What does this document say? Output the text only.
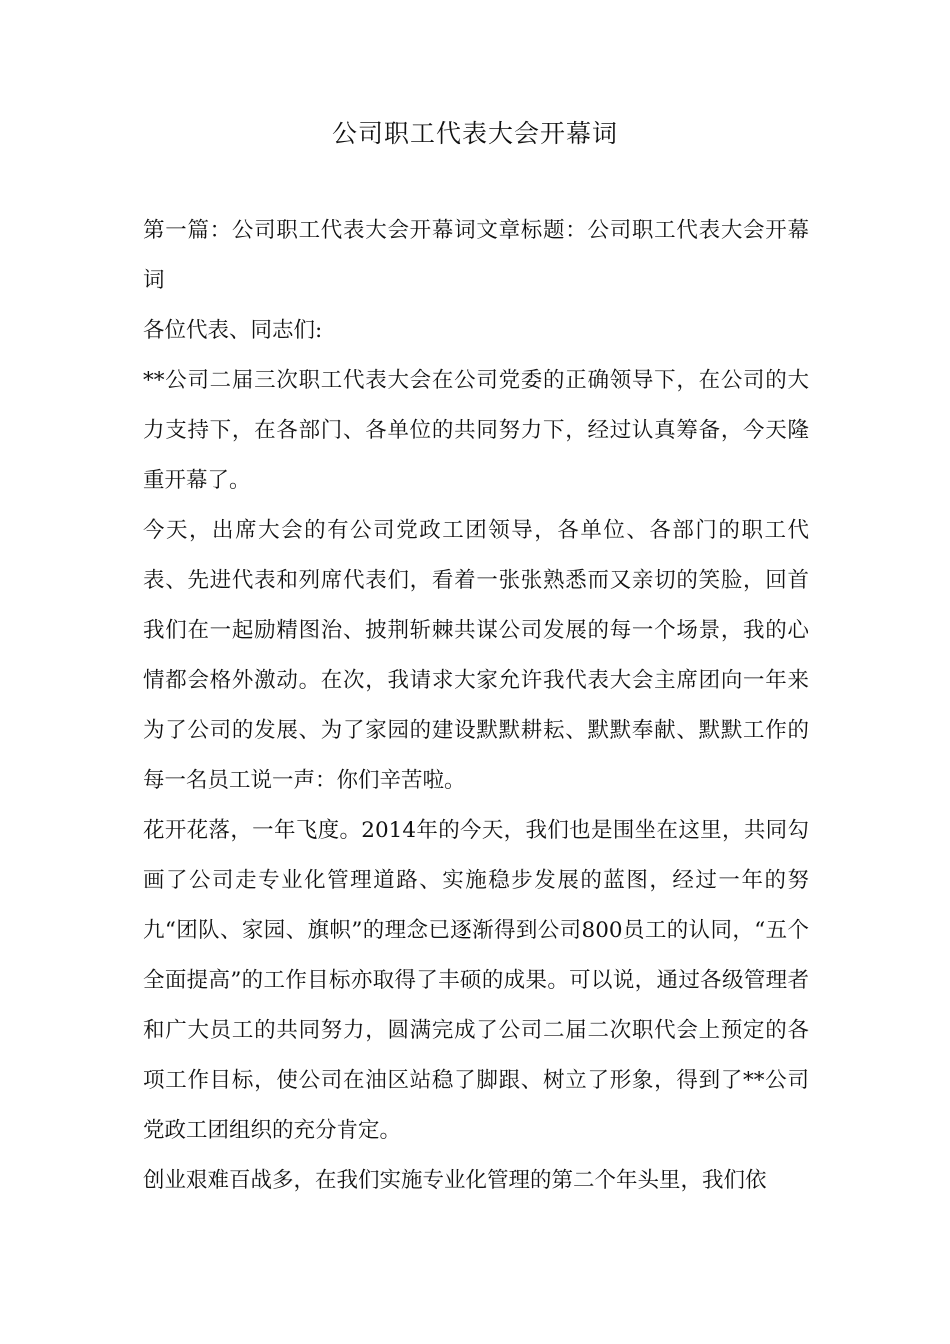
公司职工代表大会开幕词

第一篇：公司职工代表大会开幕词文章标题：公司职工代表大会开幕词

各位代表、同志们:

**公司二届三次职工代表大会在公司党委的正确领导下，在公司的大力支持下，在各部门、各单位的共同努力下，经过认真筹备，今天隆重开幕了。

今天，出席大会的有公司党政工团领导，各单位、各部门的职工代表、先进代表和列席代表们，看着一张张熟悉而又亲切的笑脸，回首我们在一起励精图治、披荆斩棘共谋公司发展的每一个场景，我的心情都会格外激动。在次，我请求大家允许我代表大会主席团向一年来为了公司的发展、为了家园的建设默默耕耘、默默奉献、默默工作的每一名员工说一声：你们辛苦啦。

花开花落，一年飞度。2014年的今天，我们也是围坐在这里，共同勾画了公司走专业化管理道路、实施稳步发展的蓝图，经过一年的努九“团队、家园、旗帜”的理念已逐渐得到公司800员工的认同，“五个全面提高”的工作目标亦取得了丰硕的成果。可以说，通过各级管理者和广大员工的共同努力，圆满完成了公司二届二次职代会上预定的各项工作目标，使公司在油区站稳了脚跟、树立了形象，得到了**公司党政工团组织的充分肯定。

创业艰难百战多，在我们实施专业化管理的第二个年头里，我们依
